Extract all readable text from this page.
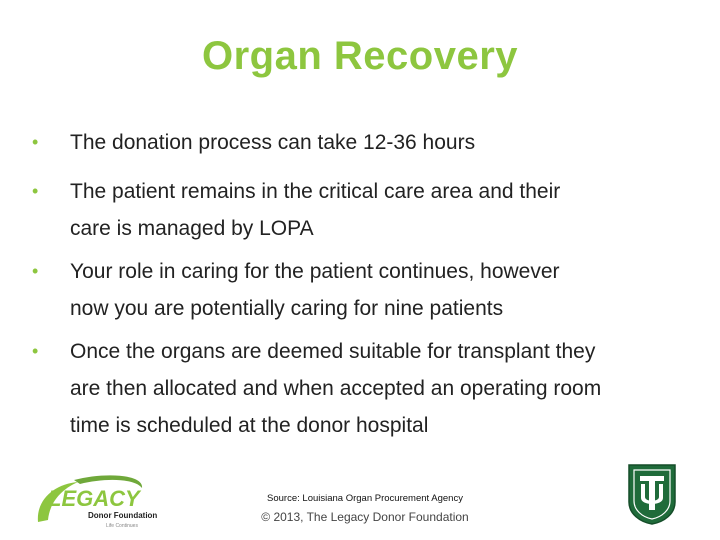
Organ Recovery
• The donation process can take 12-36 hours
• The patient remains in the critical care area and their
care is managed by LOPA
• Your role in caring for the patient continues, however
now you are potentially caring for nine patients
• Once the organs are deemed suitable for transplant they
are then allocated and when accepted an operating room
time is scheduled at the donor hospital
LEGACY
Donor Foundation
Life Continues
Source: Louisiana Organ Procurement Agency
© 2013, The Legacy Donor Foundation
